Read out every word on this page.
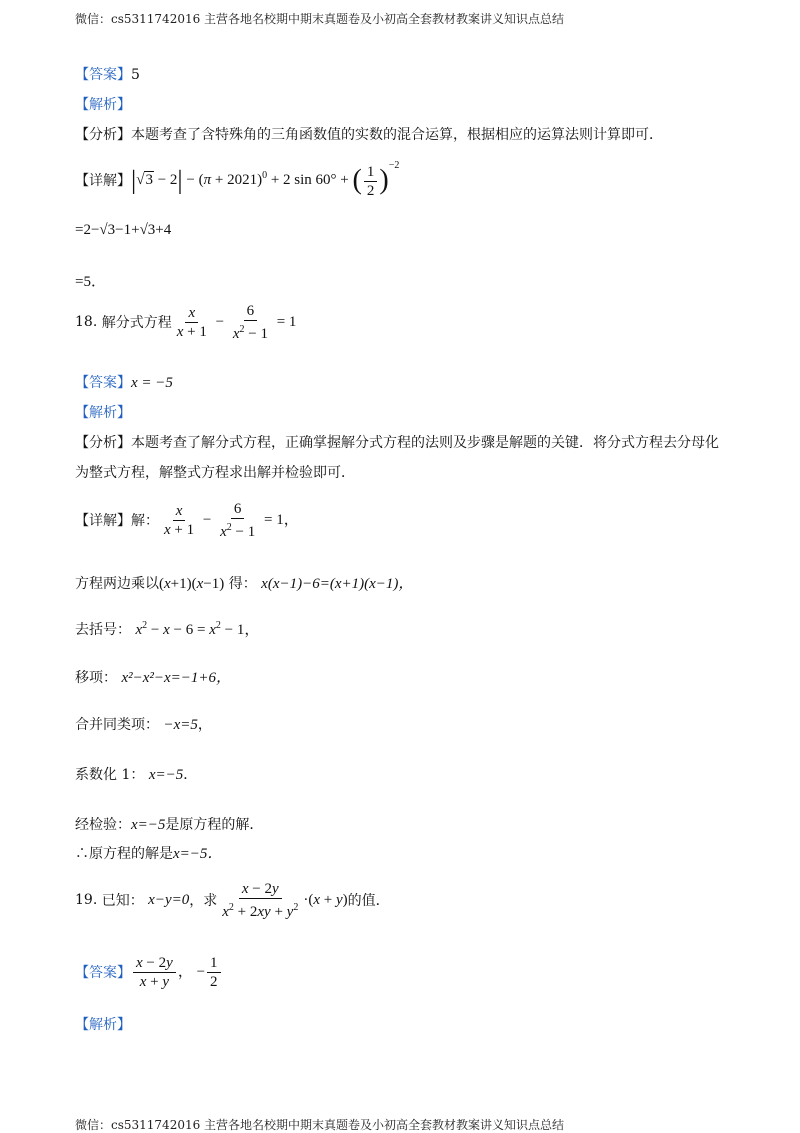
微信：cs5311742016 主营各地名校期中期末真题卷及小初高全套教材教案讲义知识点总结
【答案】5
【解析】
【分析】本题考查了含特殊角的三角函数值的实数的混合运算，根据相应的运算法则计算即可．
【详解】 $|√3 - 2| - (\pi + 2021)^0 + 2$ sin 60° + ( $\frac{1}{2} )^{-2}$
=2−√3−1+√3+4
=5．
18.
解分式方程 $\frac{x}{x + 1} - \frac{6}{x^2 - 1} = 1$
【答案】x = −5
【解析】
【分析】本题考查了解分式方程，正确掌握解分式方程的法则及步骤是解题的关键．将分式方程去分母化
为整式方程，解整式方程求出解并检验即可．
【详解】 解： $\frac{x}{x + 1} - \frac{6}{x^2 - 1} = 1$，
方程两边乘以(x+1)(x−1) 得： x(x−1)−6=(x+1)(x−1)，
去括号： $x^2 - x - 6 = x^2 - 1$，
移项： x²−x²−x=−1+6，
合并同类项： −x=5，
系数化 1： x=−5．
经检验：x=−5是原方程的解．
∴原方程的解是x=−5．
19.
已知：
x−y=0 ，求 $\frac{x - 2y}{x^2 + 2xy + y^2} \cdot(x + y)$ 的值．
【答案】 $\frac{x - 2y}{x + y}$ ， − $\frac{1}{2}$
【解析】
微信：cs5311742016 主营各地名校期中期末真题卷及小初高全套教材教案讲义知识点总结
